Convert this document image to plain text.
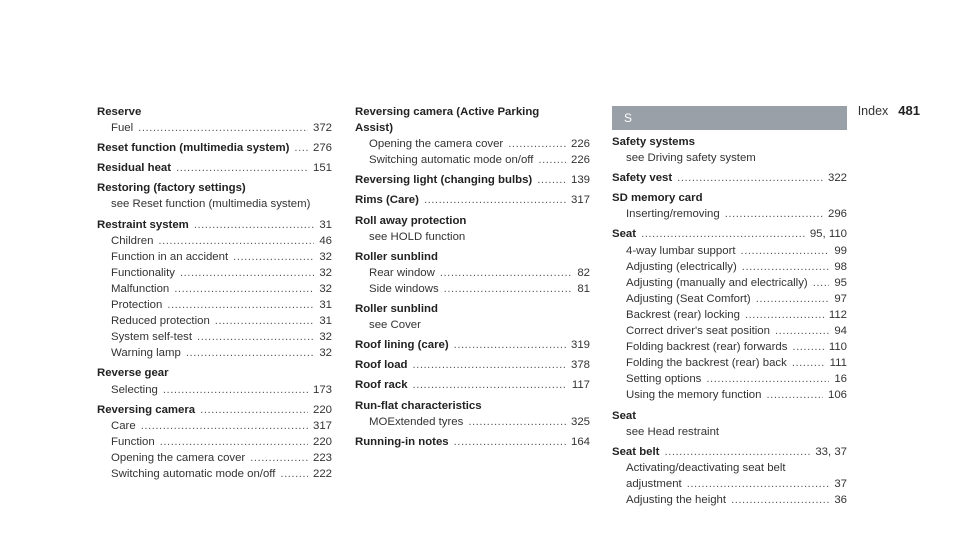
Index 481
Reserve
Fuel .....	372
Reset function (multimedia system) ..... 276
Residual heat .....	151
Restoring (factory settings)
see Reset function (multimedia system)
Restraint system .....	31
Children .....	46
Function in an accident .....	32
Functionality .....	32
Malfunction .....	32
Protection .....	31
Reduced protection .....	31
System self-test .....	32
Warning lamp .....	32
Reverse gear
Selecting .....	173
Reversing camera .....	220
Care .....	317
Function .....	220
Opening the camera cover .....	223
Switching automatic mode on/off .....	222
Reversing camera (Active Parking
Assist)
Opening the camera cover .....	226
Switching automatic mode on/off .....	226
Reversing light (changing bulbs) .....	139
Rims (Care) .....	317
Roll away protection
see HOLD function
Roller sunblind
Rear window .....	82
Side windows .....	81
Roller sunblind
see Cover
Roof lining (care) .....	319
Roof load .....	378
Roof rack .....	117
Run-flat characteristics
MOExtended tyres .....	325
Running-in notes .....	164
S
Safety systems
see Driving safety system
Safety vest .....	322
SD memory card
Inserting/removing .....	296
Seat .....	95, 110
4-way lumbar support .....	99
Adjusting (electrically) .....	98
Adjusting (manually and electrically) ..... 95
Adjusting (Seat Comfort) .....	97
Backrest (rear) locking .....	112
Correct driver's seat position .....	94
Folding backrest (rear) forwards .....	110
Folding the backrest (rear) back .....	111
Setting options .....	16
Using the memory function .....	106
Seat
see Head restraint
Seat belt .....	33, 37
Activating/deactivating seat belt
adjustment .....	37
Adjusting the height .....	36
